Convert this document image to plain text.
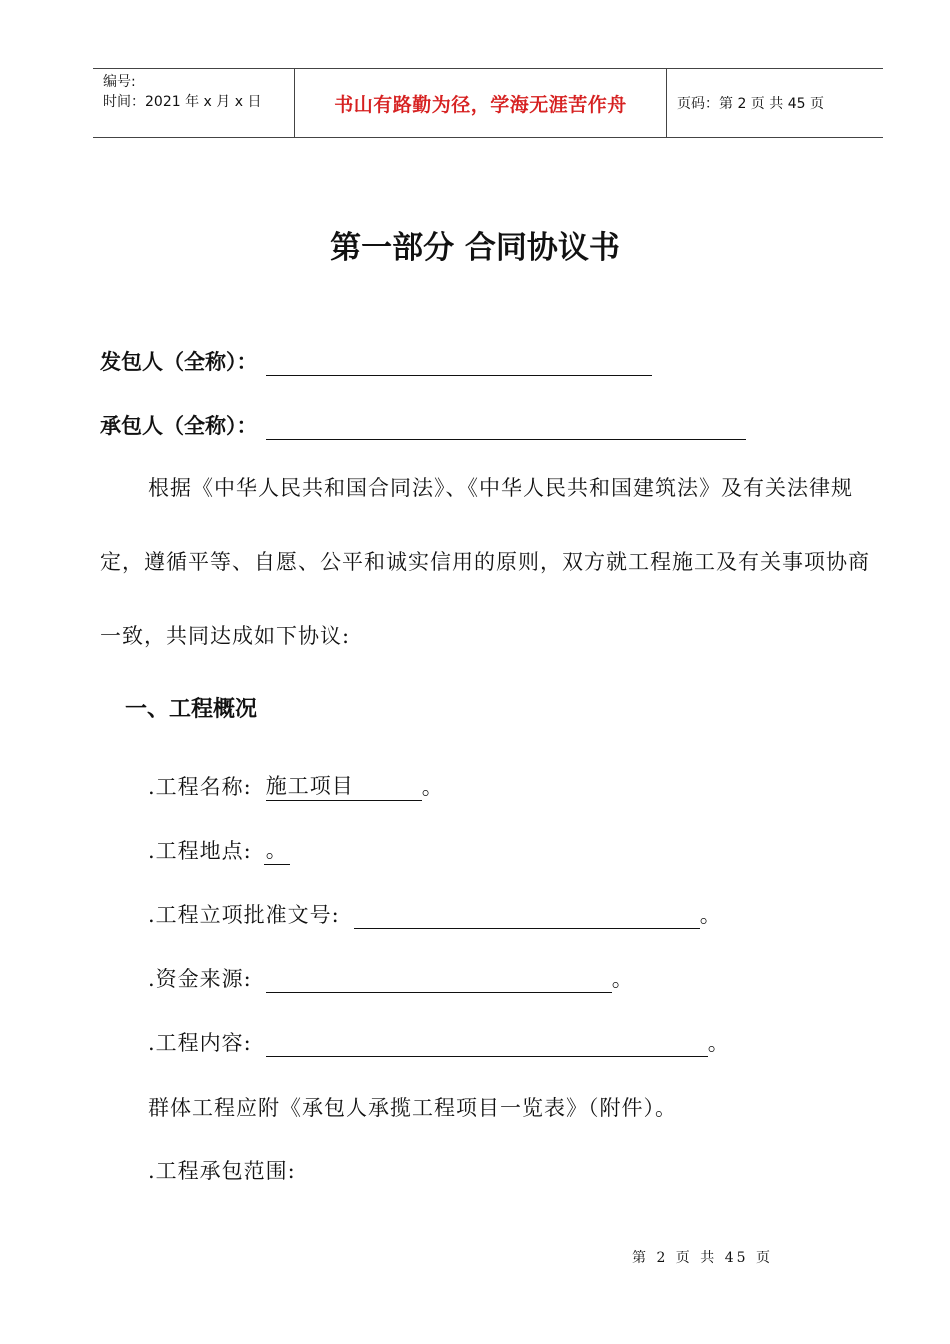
编号:
时间：2021 年 x 月 x 日	书山有路勤为径，学海无涯苦作舟	页码：第 2 页 共 45 页
第一部分 合同协议书
发包人（全称）：
承包人（全称）：
根据《中华人民共和国合同法》、《中华人民共和国建筑法》及有关法律规定，遵循平等、自愿、公平和诚实信用的原则，双方就工程施工及有关事项协商一致，共同达成如下协议:
一、工程概况
.工程名称: 施工项目	。
.工程地点: 。
.工程立项批准文号:	。
.资金来源:	。
.工程内容:	。
群体工程应附《承包人承揽工程项目一览表》（附件）。
.工程承包范围:
第 2 页 共 45 页
